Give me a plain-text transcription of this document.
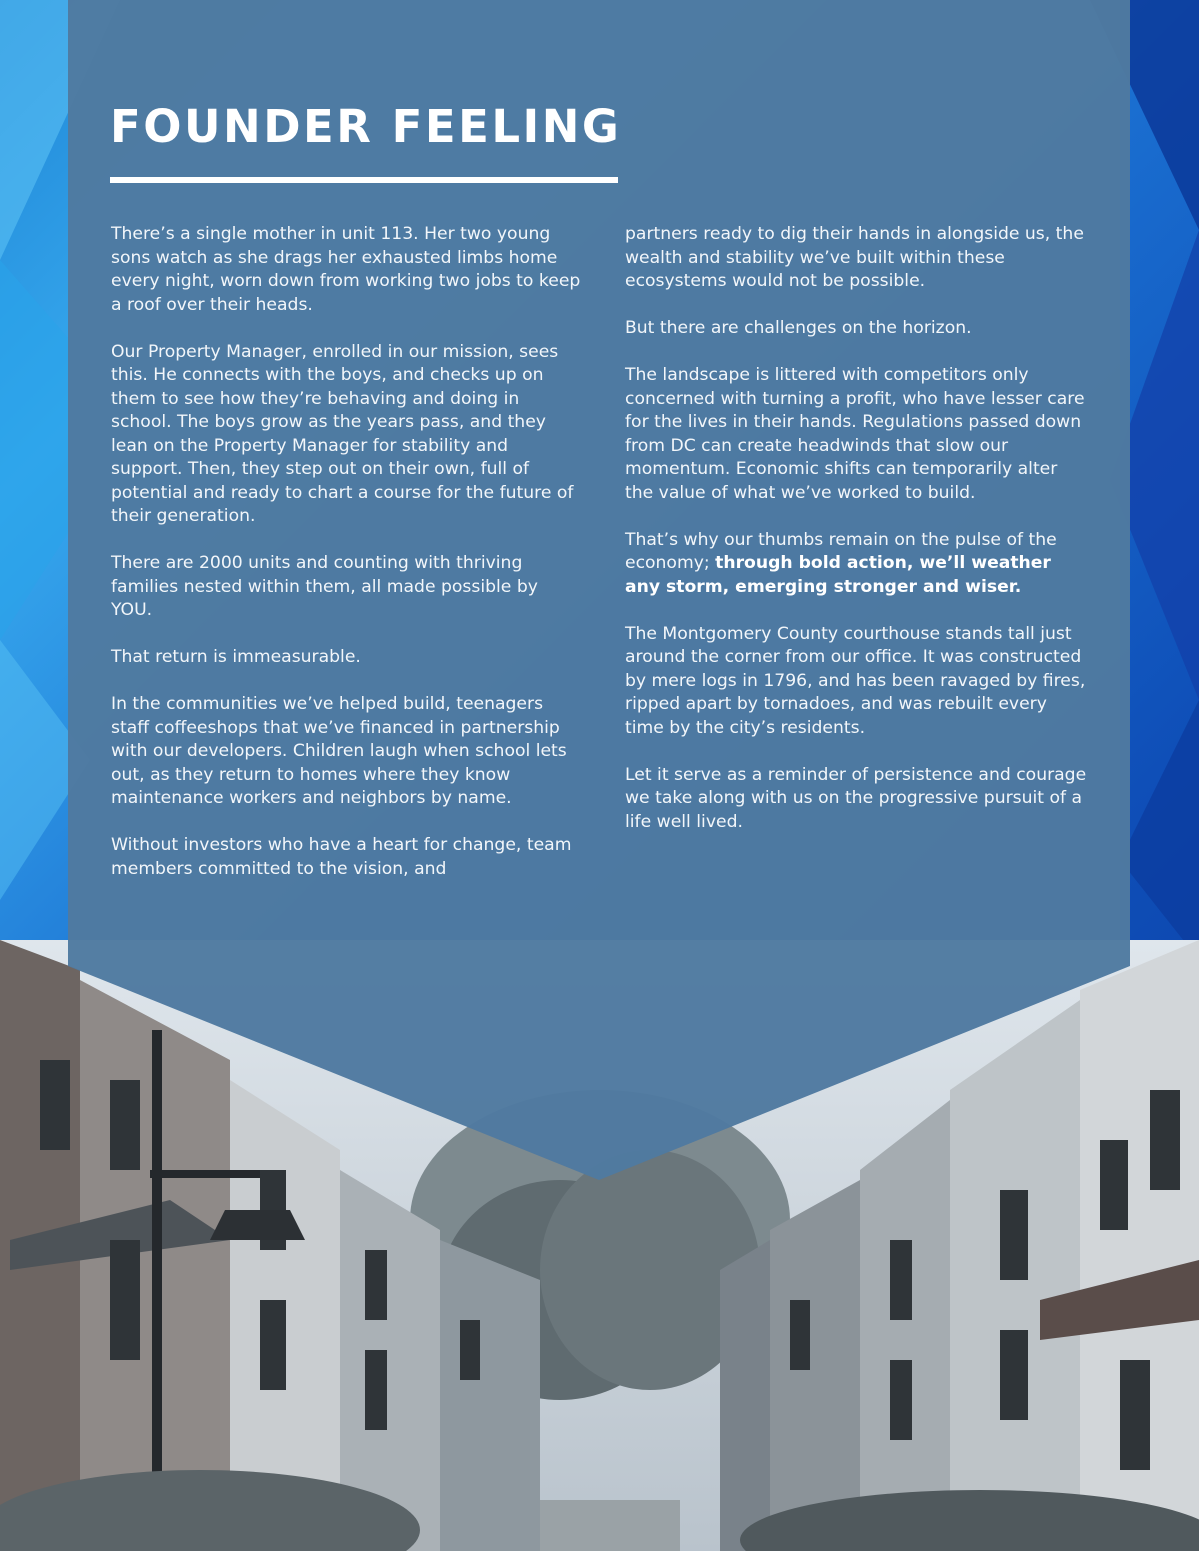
FOUNDER FEELING

There’s a single mother in unit 113. Her two young sons watch as she drags her exhausted limbs home every night, worn down from working two jobs to keep a roof over their heads.

Our Property Manager, enrolled in our mission, sees this. He connects with the boys, and checks up on them to see how they’re behaving and doing in school. The boys grow as the years pass, and they lean on the Property Manager for stability and support. Then, they step out on their own, full of potential and ready to chart a course for the future of their generation.

There are 2000 units and counting with thriving families nested within them, all made possible by YOU.

That return is immeasurable.

In the communities we’ve helped build, teenagers staff coffeeshops that we’ve financed in partnership with our developers. Children laugh when school lets out, as they return to homes where they know maintenance workers and neighbors by name.

Without investors who have a heart for change, team members committed to the vision, and

partners ready to dig their hands in alongside us, the wealth and stability we’ve built within these ecosystems would not be possible.

But there are challenges on the horizon.

The landscape is littered with competitors only concerned with turning a profit, who have lesser care for the lives in their hands. Regulations passed down from DC can create headwinds that slow our momentum. Economic shifts can temporarily alter the value of what we’ve worked to build.

That’s why our thumbs remain on the pulse of the economy; through bold action, we’ll weather any storm, emerging stronger and wiser.

The Montgomery County courthouse stands tall just around the corner from our office. It was constructed by mere logs in 1796, and has been ravaged by fires, ripped apart by tornadoes, and was rebuilt every time by the city’s residents.

Let it serve as a reminder of persistence and courage we take along with us on the progressive pursuit of a life well lived.
